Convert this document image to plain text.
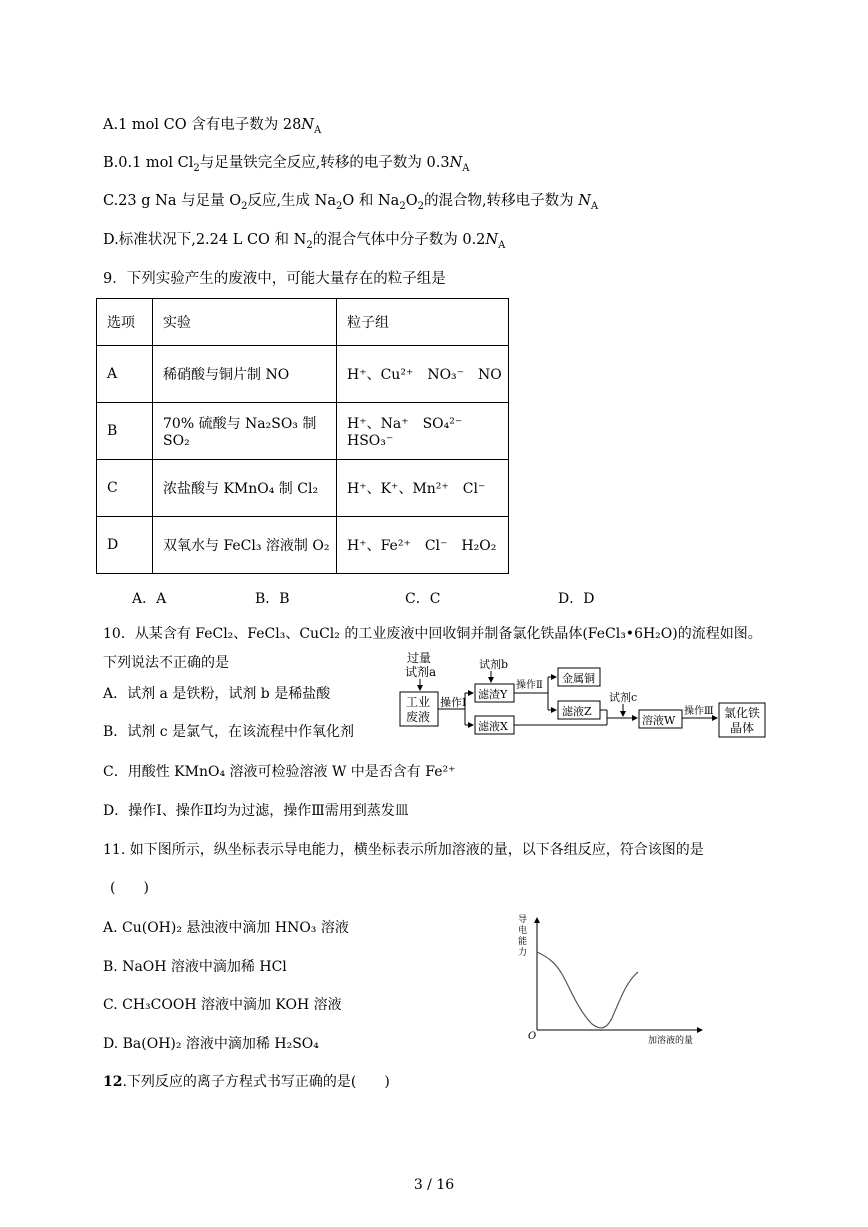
A.1 mol CO 含有电子数为 $28N_A$
B.0.1 mol $Cl_2$与足量铁完全反应,转移的电子数为 $0.3N_A$
C.23 g Na 与足量 $O_2$反应,生成 $Na_2O$ 和 $Na_2O_2$的混合物,转移电子数为 $N_A$
D.标准状况下,2.24 L CO 和 $N_2$的混合气体中分子数为 $0.2N_A$
9．下列实验产生的废液中，可能大量存在的粒子组是
选项	实验	粒子组
A	稀硝酸与铜片制 NO	H⁺、Cu²⁺　NO₃⁻　NO
B	70% 硫酸与 Na₂SO₃ 制 SO₂	H⁺、Na⁺　SO₄²⁻　HSO₃⁻
C	浓盐酸与 KMnO₄ 制 Cl₂	H⁺、K⁺、Mn²⁺　Cl⁻
D	双氧水与 FeCl₃ 溶液制 O₂	H⁺、Fe²⁺　Cl⁻　H₂O₂
A．A	B．B	C．C	D．D
10．从某含有 FeCl₂、FeCl₃、CuCl₂ 的工业废液中回收铜并制备氯化铁晶体(FeCl₃•6H₂O)的流程如图。
下列说法不正确的是
A．试剂 a 是铁粉，试剂 b 是稀盐酸
B．试剂 c 是氯气，在该流程中作氧化剂
C．用酸性 KMnO₄ 溶液可检验溶液 W 中是否含有 Fe²⁺
D．操作Ⅰ、操作Ⅱ均为过滤，操作Ⅲ需用到蒸发皿
过量
试剂a
工业
废液
操作Ⅰ
试剂b
滤渣Y
滤液X
操作Ⅱ
金属铜
滤液Z
试剂c
溶液W
操作Ⅲ 氯化铁
晶体
11. 如下图所示，纵坐标表示导电能力，横坐标表示所加溶液的量，以下各组反应，符合该图的是
(　　)
A. Cu(OH)₂ 悬浊液中滴加 HNO₃ 溶液
B. NaOH 溶液中滴加稀 HCl
C. CH₃COOH 溶液中滴加 KOH 溶液
D. Ba(OH)₂ 溶液中滴加稀 H₂SO₄
导
电
能
力
O	加溶液的量
12.下列反应的离子方程式书写正确的是(　　)
3 / 16
